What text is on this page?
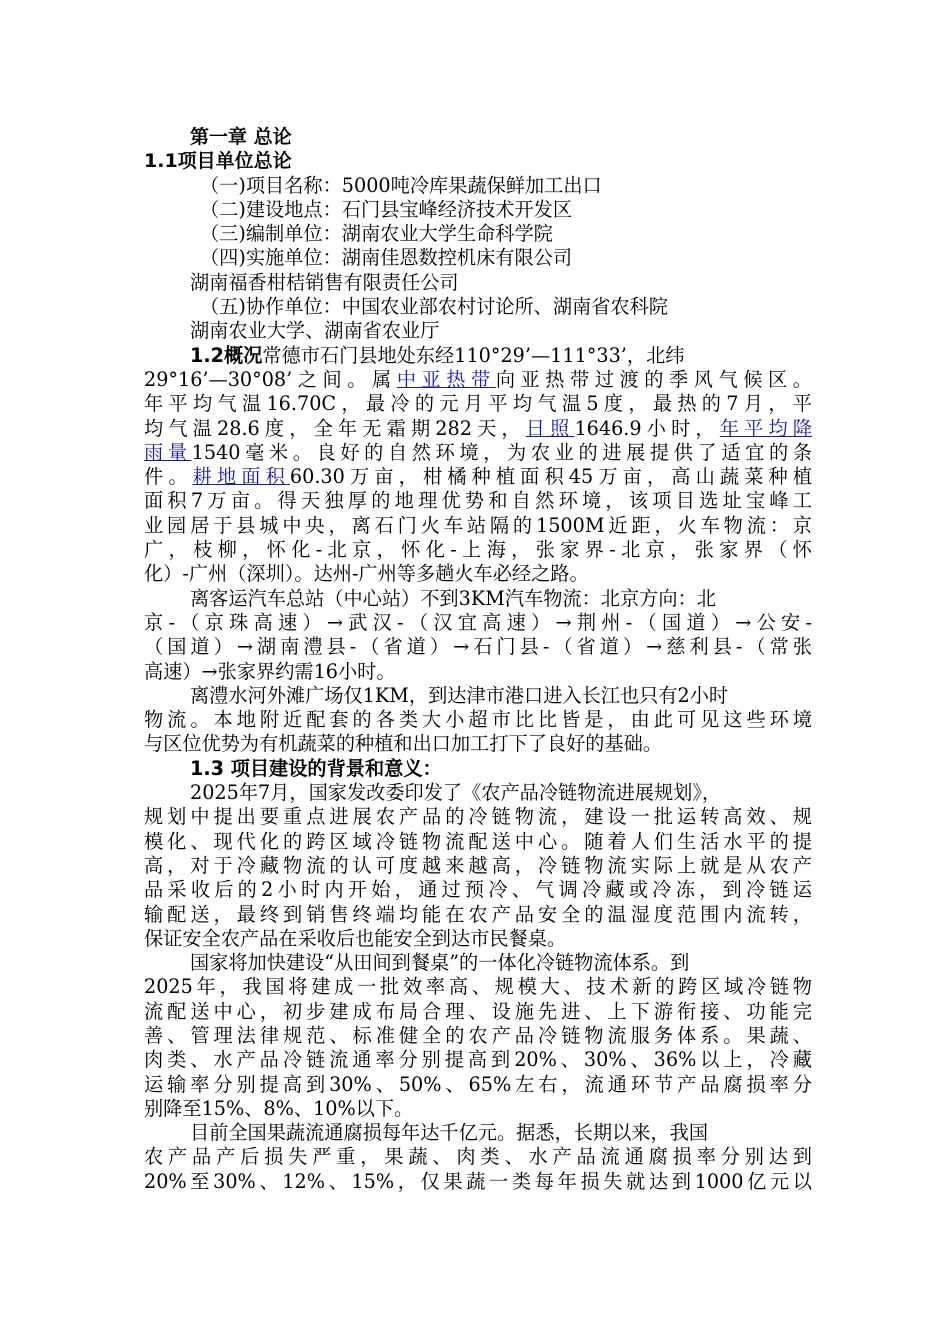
第一章 总论
1.1项目单位总论
（一)项目名称：5000吨冷库果蔬保鲜加工出口
（二)建设地点：石门县宝峰经济技术开发区
（三)编制单位：湖南农业大学生命科学院
（四)实施单位：湖南佳恩数控机床有限公司
湖南福香柑桔销售有限责任公司
（五)协作单位：中国农业部农村讨论所、湖南省农科院
湖南农业大学、湖南省农业厅
1.2概况常德市石门县地处东经110°29’—111°33’，北纬
29°16’—30°08’之间。属中亚热带向亚热带过渡的季风气候区。
年平均气温16.70C，最冷的元月平均气温5度，最热的7月，平
均气温28.6度，全年无霜期282天，日照1646.9小时，年平均降
雨量1540毫米。良好的自然环境，为农业的进展提供了适宜的条
件。耕地面积60.30万亩，柑橘种植面积45万亩，高山蔬菜种植
面积7万亩。得天独厚的地理优势和自然环境，该项目选址宝峰工
业园居于县城中央，离石门火车站隔的1500M近距，火车物流：京
广，枝柳，怀化-北京，怀化-上海，张家界-北京，张家界（怀
化）-广州（深圳）。达州-广州等多趟火车必经之路。
离客运汽车总站（中心站）不到3KM汽车物流：北京方向：北
京-（京珠高速）→武汉-（汉宜高速）→荆州-（国道）→公安-
（国道）→湖南澧县-（省道）→石门县-（省道）→慈利县-（常张
高速）→张家界约需16小时。
离澧水河外滩广场仅1KM，到达津市港口进入长江也只有2小时
物流。本地附近配套的各类大小超市比比皆是，由此可见这些环境
与区位优势为有机蔬菜的种植和出口加工打下了良好的基础。
1.3 项目建设的背景和意义：
2025年7月，国家发改委印发了《农产品冷链物流进展规划》，
规划中提出要重点进展农产品的冷链物流，建设一批运转高效、规
模化、现代化的跨区域冷链物流配送中心。随着人们生活水平的提
高，对于冷藏物流的认可度越来越高，冷链物流实际上就是从农产
品采收后的2小时内开始，通过预冷、气调冷藏或冷冻，到冷链运
输配送，最终到销售终端均能在农产品安全的温湿度范围内流转，
保证安全农产品在采收后也能安全到达市民餐桌。
国家将加快建设“从田间到餐桌”的一体化冷链物流体系。到
2025年，我国将建成一批效率高、规模大、技术新的跨区域冷链物
流配送中心，初步建成布局合理、设施先进、上下游衔接、功能完
善、管理法律规范、标准健全的农产品冷链物流服务体系。果蔬、
肉类、水产品冷链流通率分别提高到20%、30%、36%以上，冷藏
运输率分别提高到30%、50%、65%左右，流通环节产品腐损率分
别降至15%、8%、10%以下。
目前全国果蔬流通腐损每年达千亿元。据悉，长期以来，我国
农产品产后损失严重，果蔬、肉类、水产品流通腐损率分别达到
20%至30%、12%、15%，仅果蔬一类每年损失就达到1000亿元以
